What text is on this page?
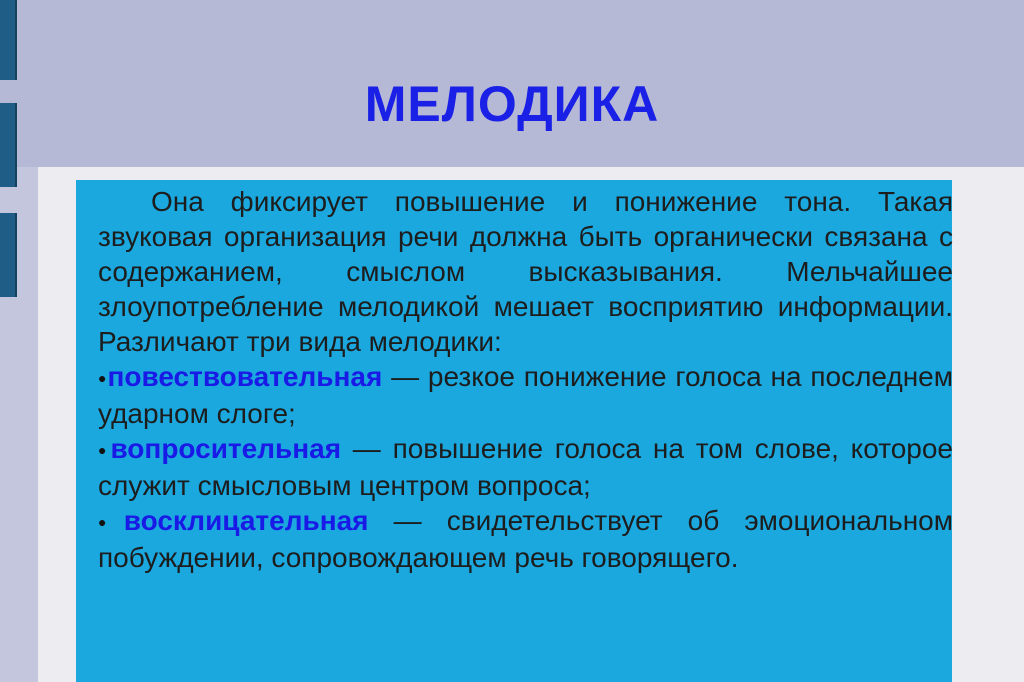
МЕЛОДИКА

Она фиксирует повышение и понижение тона. Такая звуковая организация речи должна быть органически связана с содержанием, смыслом высказывания. Мельчайшее злоупотребление мелодикой мешает восприятию информации. Различают три вида мелодики:

●повествовательная — резкое понижение голоса на последнем ударном слоге;

●вопросительная — повышение голоса на том слове, которое служит смысловым центром вопроса;

●восклицательная — свидетельствует об эмоциональном побуждении, сопровождающем речь говорящего.
